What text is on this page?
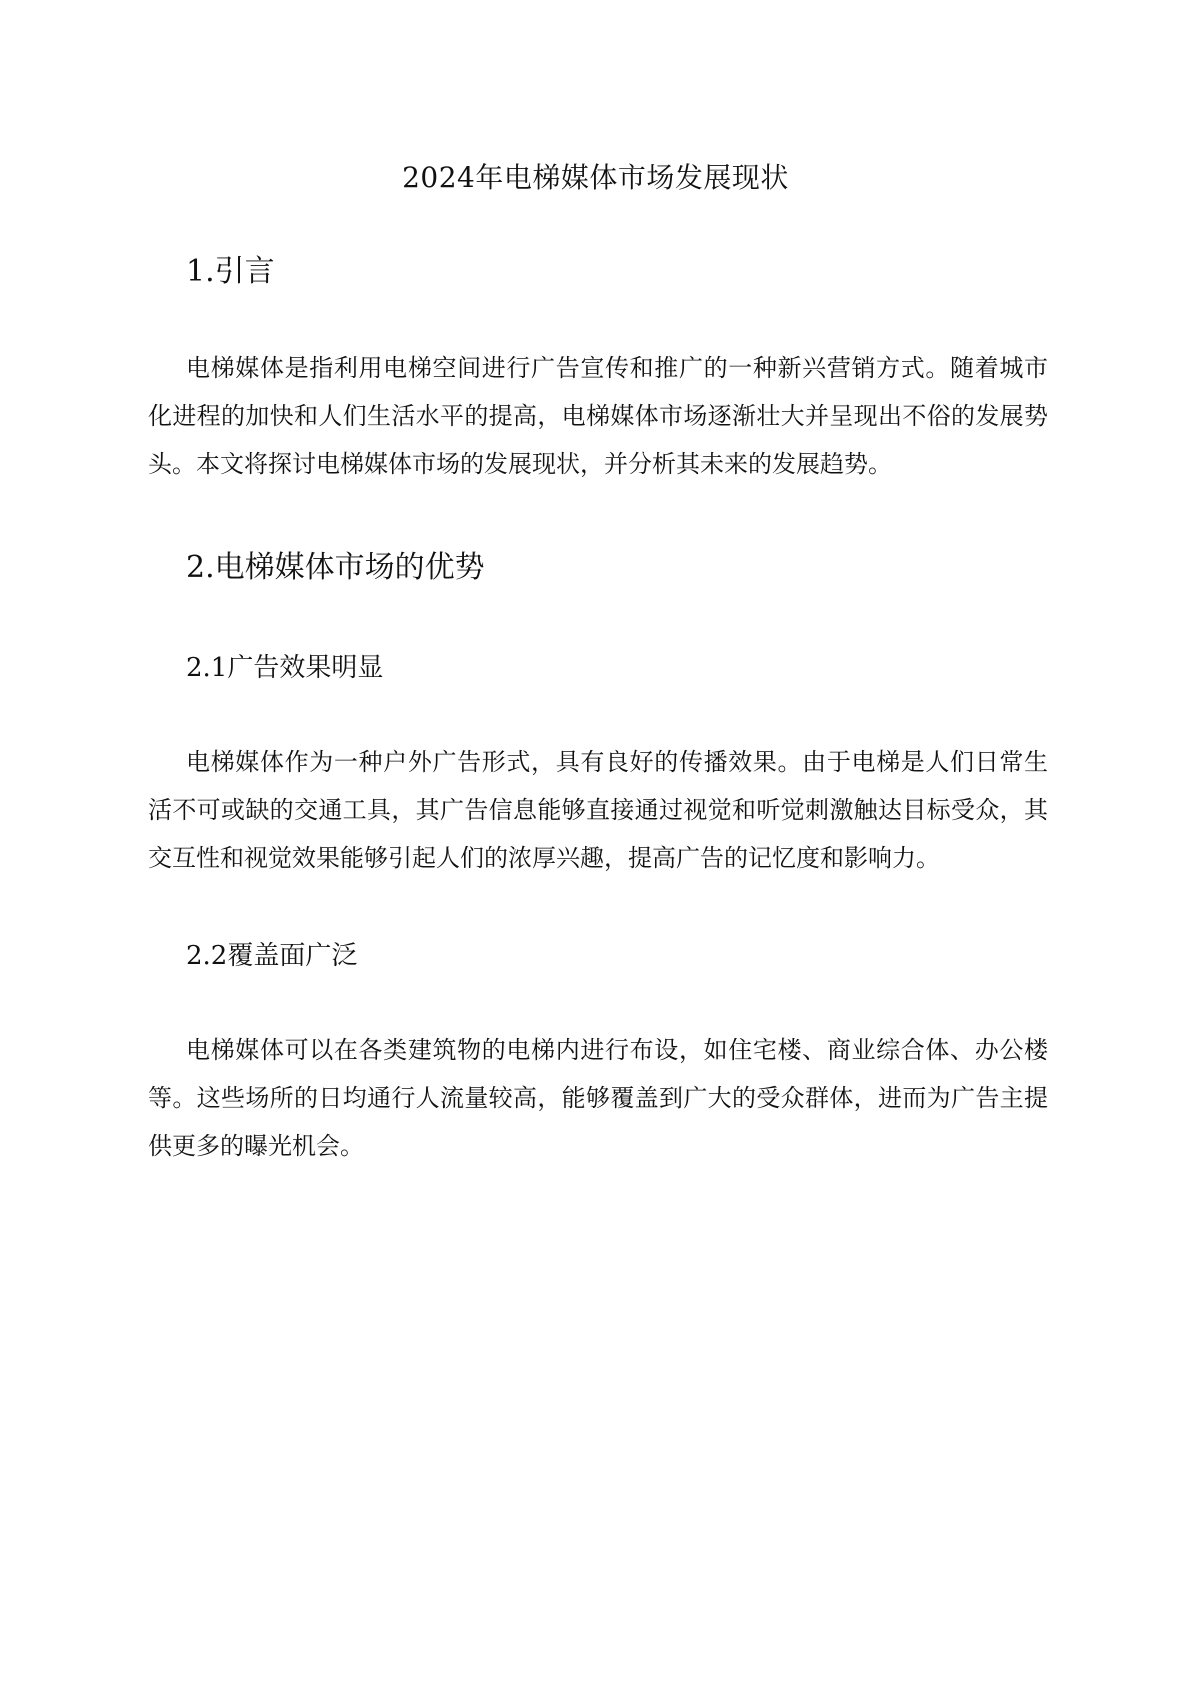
2024年电梯媒体市场发展现状
1.引言

电梯媒体是指利用电梯空间进行广告宣传和推广的一种新兴营销方式。随着城市化进程的加快和人们生活水平的提高，电梯媒体市场逐渐壮大并呈现出不俗的发展势头。本文将探讨电梯媒体市场的发展现状，并分析其未来的发展趋势。

2.电梯媒体市场的优势
2.1广告效果明显

电梯媒体作为一种户外广告形式，具有良好的传播效果。由于电梯是人们日常生活不可或缺的交通工具，其广告信息能够直接通过视觉和听觉刺激触达目标受众，其交互性和视觉效果能够引起人们的浓厚兴趣，提高广告的记忆度和影响力。

2.2覆盖面广泛

电梯媒体可以在各类建筑物的电梯内进行布设，如住宅楼、商业综合体、办公楼等。这些场所的日均通行人流量较高，能够覆盖到广大的受众群体，进而为广告主提供更多的曝光机会。
